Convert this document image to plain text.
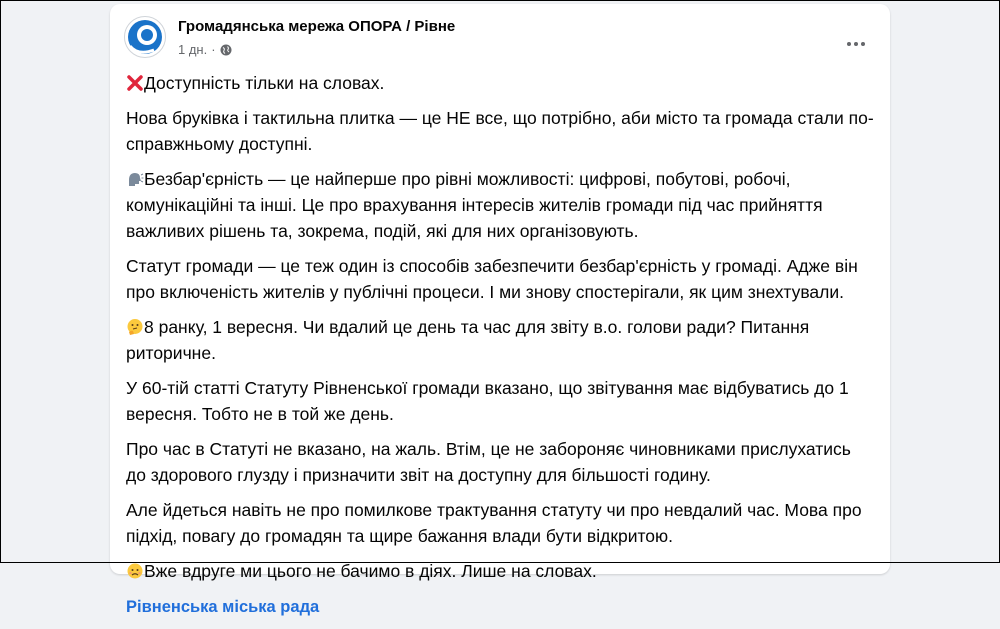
Громадянська мережа ОПОРА / Рівне
1 дн. ·

Доступність тільки на словах.

Нова бруківка і тактильна плитка — це НЕ все, що потрібно, аби місто та громада стали по-справжньому доступні.

Безбар'єрність — це найперше про рівні можливості: цифрові, побутові, робочі, комунікаційні та інші. Це про врахування інтересів жителів громади під час прийняття важливих рішень та, зокрема, подій, які для них організовують.

Статут громади — це теж один із способів забезпечити безбар'єрність у громаді. Адже він про включеність жителів у публічні процеси. І ми знову спостерігали, як цим знехтували.

8 ранку, 1 вересня. Чи вдалий це день та час для звіту в.о. голови ради? Питання риторичне.

У 60-тій статті Статуту Рівненської громади вказано, що звітування має відбуватись до 1 вересня. Тобто не в той же день.

Про час в Статуті не вказано, на жаль. Втім, це не забороняє чиновниками прислухатись до здорового глузду і призначити звіт на доступну для більшості годину.

Але йдеться навіть не про помилкове трактування статуту чи про невдалий час. Мова про підхід, повагу до громадян та щире бажання влади бути відкритою.

Вже вдруге ми цього не бачимо в діях. Лише на словах.

Рівненська міська рада
